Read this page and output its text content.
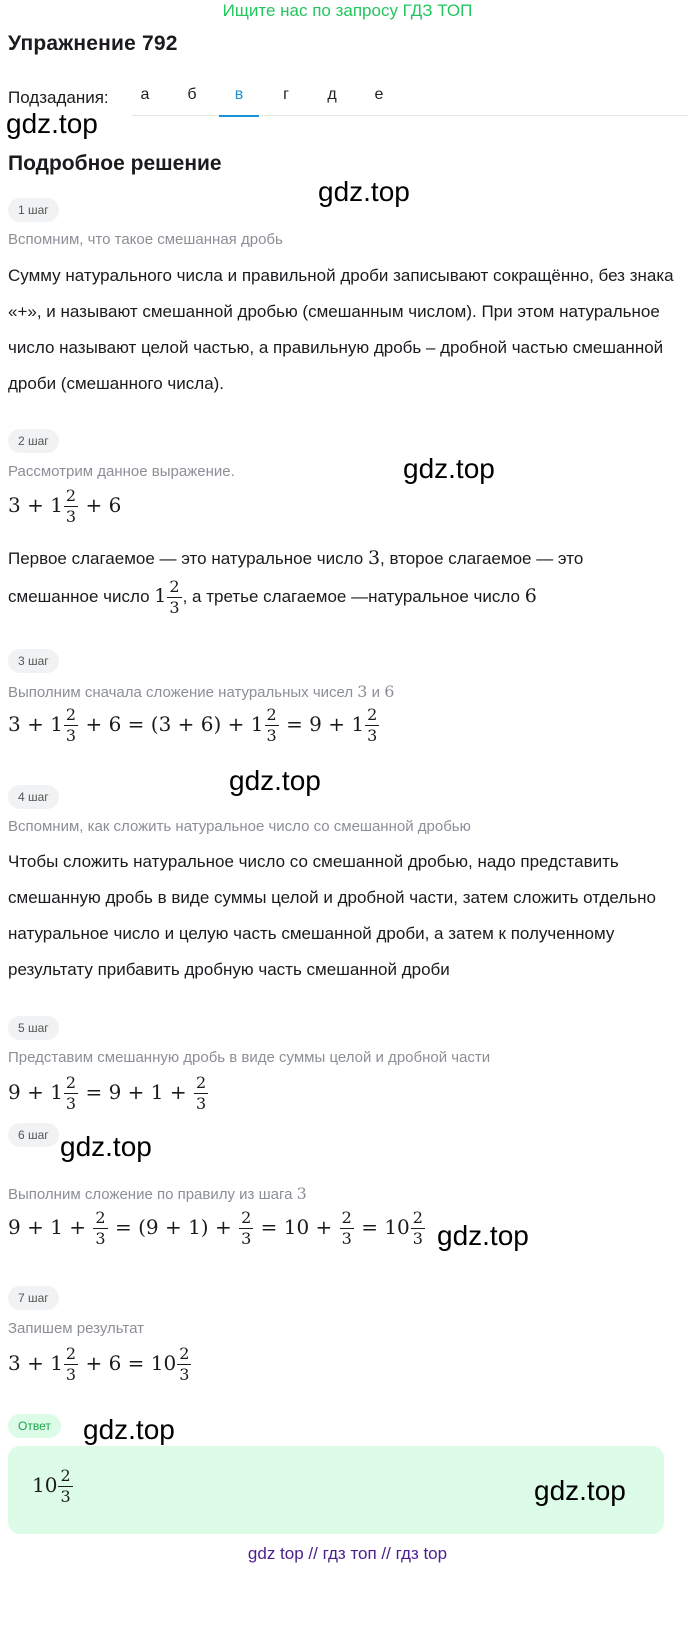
Ищите нас по запросу ГДЗ ТОП
Упражнение 792
Подзадания:	а	б	в	г	д	е
gdz.top
Подробное решение
gdz.top
1 шаг
Вспомним, что такое смешанная дробь
Сумму натурального числа и правильной дроби записывают сокращённо, без знака «+», и называют смешанной дробью (смешанным числом). При этом натуральное число называют целой частью, а правильную дробь – дробной частью смешанной дроби (смешанного числа).
2 шаг
Рассмотрим данное выражение.	gdz.top
$3 + 1 \frac{2}{3} + 6$
Первое слагаемое — это натуральное число 3, второе слагаемое — это
смешанное число $1 \frac{2}{3}$ , а третье слагаемое —натуральное число 6
3 шаг
Выполним сначала сложение натуральных чисел 3 и 6
$3 + 1 \frac{2}{3} + 6 = (3 + 6) + 1 \frac{2}{3} = 9 + 1 \frac{2}{3}$
gdz.top
4 шаг
Вспомним, как сложить натуральное число со смешанной дробью
Чтобы сложить натуральное число со смешанной дробью, надо представить смешанную дробь в виде суммы целой и дробной части, затем сложить отдельно натуральное число и целую часть смешанной дроби, а затем к полученному результату прибавить дробную часть смешанной дроби
5 шаг
Представим смешанную дробь в виде суммы целой и дробной части
$9 + 1 \frac{2}{3} = 9 + 1 + \frac{2}{3}$
gdz.top
6 шаг
Выполним сложение по правилу из шага 3
$9 + 1 + \frac{2}{3} = (9 + 1) + \frac{2}{3} = 10 + \frac{2}{3} = 10 \frac{2}{3} gdz.top$
7 шаг
Запишем результат
$3 + 1 \frac{2}{3} + 6 = 10 \frac{2}{3}$
Ответ	gdz.top
$10 \frac{2}{3}$	gdz.top
gdz top // гдз топ // гдз top
